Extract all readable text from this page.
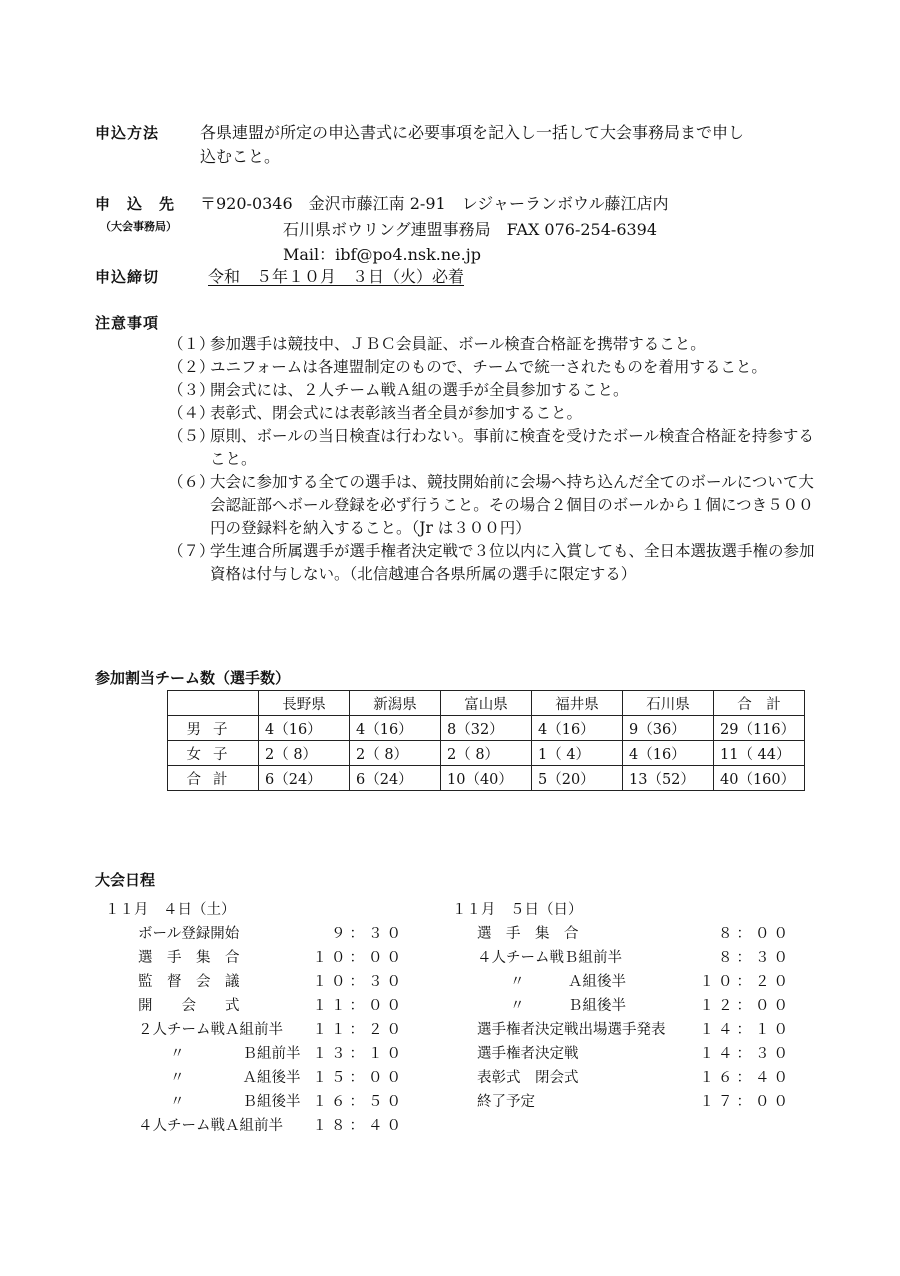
申込方法	各県連盟が所定の申込書式に必要事項を記入し一括して大会事務局まで申し
込むこと。
申　込　先
（大会事務局）
〒920-0346　金沢市藤江南 2-91　レジャーランボウル藤江店内
石川県ボウリング連盟事務局　FAX 076-254-6394
Mail：ibf@po4.nsk.ne.jp
申込締切	令和　５年１０月　３日（火）必着
注意事項
（１）
参加選手は競技中、ＪＢＣ会員証、ボール検査合格証を携帯すること。
（２）
ユニフォームは各連盟制定のもので、チームで統一されたものを着用すること。
（３）
開会式には、２人チーム戦Ａ組の選手が全員参加すること。
（４）
表彰式、閉会式には表彰該当者全員が参加すること。
（５）
原則、ボールの当日検査は行わない。事前に検査を受けたボール検査合格証を持参すること。
（６）
大会に参加する全ての選手は、競技開始前に会場へ持ち込んだ全てのボールについて大会認証部へボール登録を必ず行うこと。その場合２個目のボールから１個につき５００円の登録料を納入すること。（Jr は３００円）
（７）
学生連合所属選手が選手権者決定戦で３位以内に入賞しても、全日本選抜選手権の参加資格は付与しない。（北信越連合各県所属の選手に限定する）
参加割当チーム数（選手数）
	長野県	新潟県	富山県	福井県	石川県	合　計
男子	4（16）	4（16）	8（32）	4（16）	9（36）	29（116）
女子	2（ 8）	2（ 8）	2（ 8）	1（ 4）	4（16）	11（ 44）
合計	6（24）	6（24）	10（40）	5（20）	13（52）	40（160）
大会日程
１１月　４日（土）
ボール登録開始	９：３０
選　手　集　合	１０：００
監　督　会　議	１０：３０
開　　会　　式	１１：００
２人チーム戦Ａ組前半 １１：２０
〃　　　　Ｂ組前半 １３：１０
〃　　　　Ａ組後半 １５：００
〃　　　　Ｂ組後半 １６：５０
４人チーム戦Ａ組前半 １８：４０
１１月　５日（日）
選　手　集　合	８：００
４人チーム戦Ｂ組前半	８：３０
〃　　　Ａ組後半	１０：２０
〃　　　Ｂ組後半	１２：００
選手権者決定戦出場選手発表 １４：１０
選手権者決定戦	１４：３０
表彰式　閉会式	１６：４０
終了予定	１７：００
